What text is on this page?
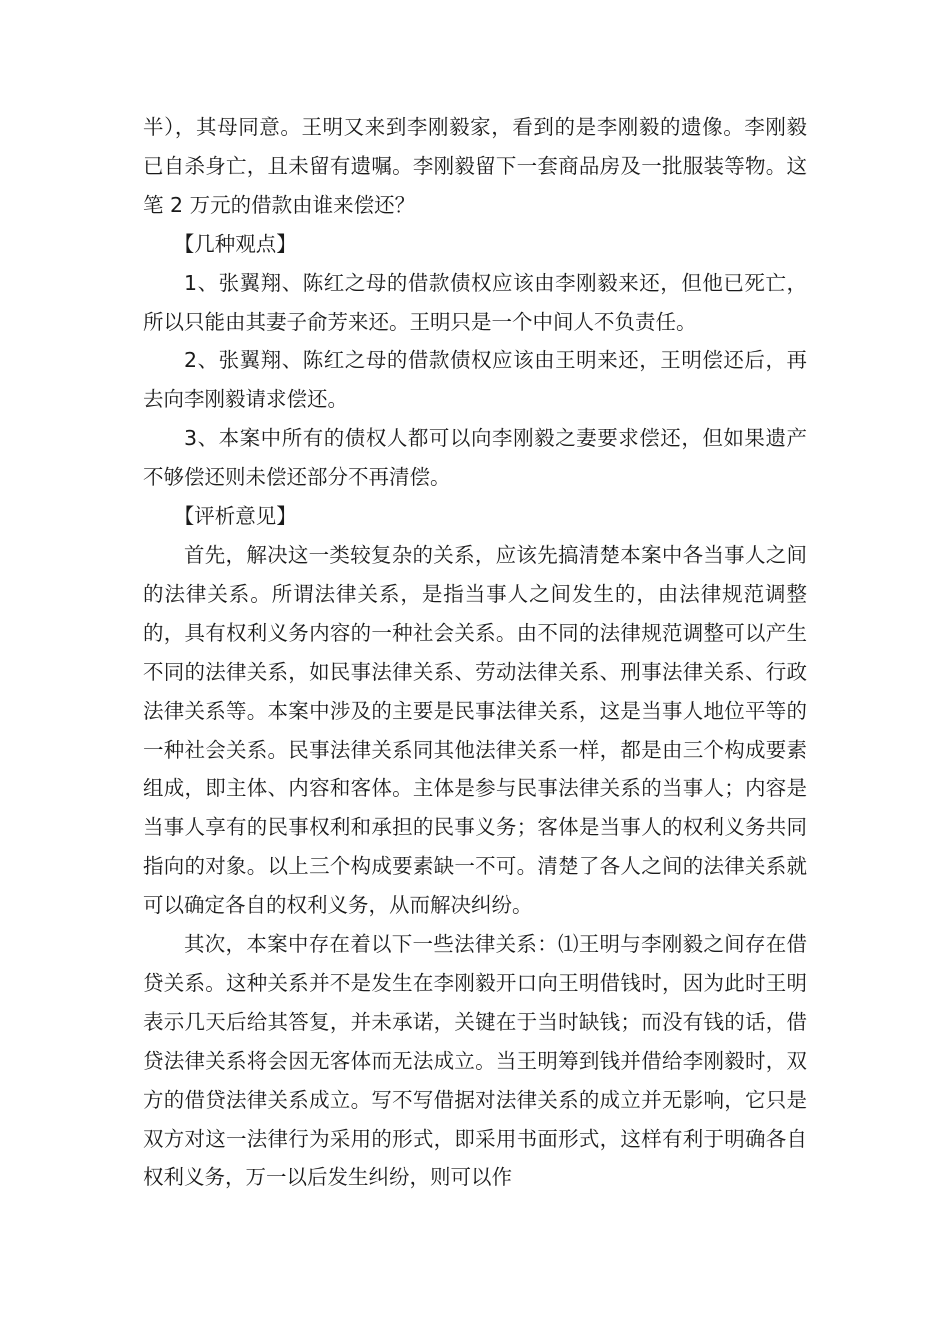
半），其母同意。王明又来到李刚毅家，看到的是李刚毅的遗像。李刚毅已自杀身亡，且未留有遗嘱。李刚毅留下一套商品房及一批服装等物。这笔 2 万元的借款由谁来偿还？

【几种观点】

1、张翼翔、陈红之母的借款债权应该由李刚毅来还，但他已死亡，所以只能由其妻子俞芳来还。王明只是一个中间人不负责任。

2、张翼翔、陈红之母的借款债权应该由王明来还，王明偿还后，再去向李刚毅请求偿还。

3、本案中所有的债权人都可以向李刚毅之妻要求偿还，但如果遗产不够偿还则未偿还部分不再清偿。

【评析意见】

首先，解决这一类较复杂的关系，应该先搞清楚本案中各当事人之间的法律关系。所谓法律关系，是指当事人之间发生的，由法律规范调整的，具有权利义务内容的一种社会关系。由不同的法律规范调整可以产生不同的法律关系，如民事法律关系、劳动法律关系、刑事法律关系、行政法律关系等。本案中涉及的主要是民事法律关系，这是当事人地位平等的一种社会关系。民事法律关系同其他法律关系一样，都是由三个构成要素组成，即主体、内容和客体。主体是参与民事法律关系的当事人；内容是当事人享有的民事权利和承担的民事义务；客体是当事人的权利义务共同指向的对象。以上三个构成要素缺一不可。清楚了各人之间的法律关系就可以确定各自的权利义务，从而解决纠纷。

其次，本案中存在着以下一些法律关系：⑴王明与李刚毅之间存在借贷关系。这种关系并不是发生在李刚毅开口向王明借钱时，因为此时王明表示几天后给其答复，并未承诺，关键在于当时缺钱；而没有钱的话，借贷法律关系将会因无客体而无法成立。当王明筹到钱并借给李刚毅时，双方的借贷法律关系成立。写不写借据对法律关系的成立并无影响，它只是双方对这一法律行为采用的形式，即采用书面形式，这样有利于明确各自权利义务，万一以后发生纠纷，则可以作
